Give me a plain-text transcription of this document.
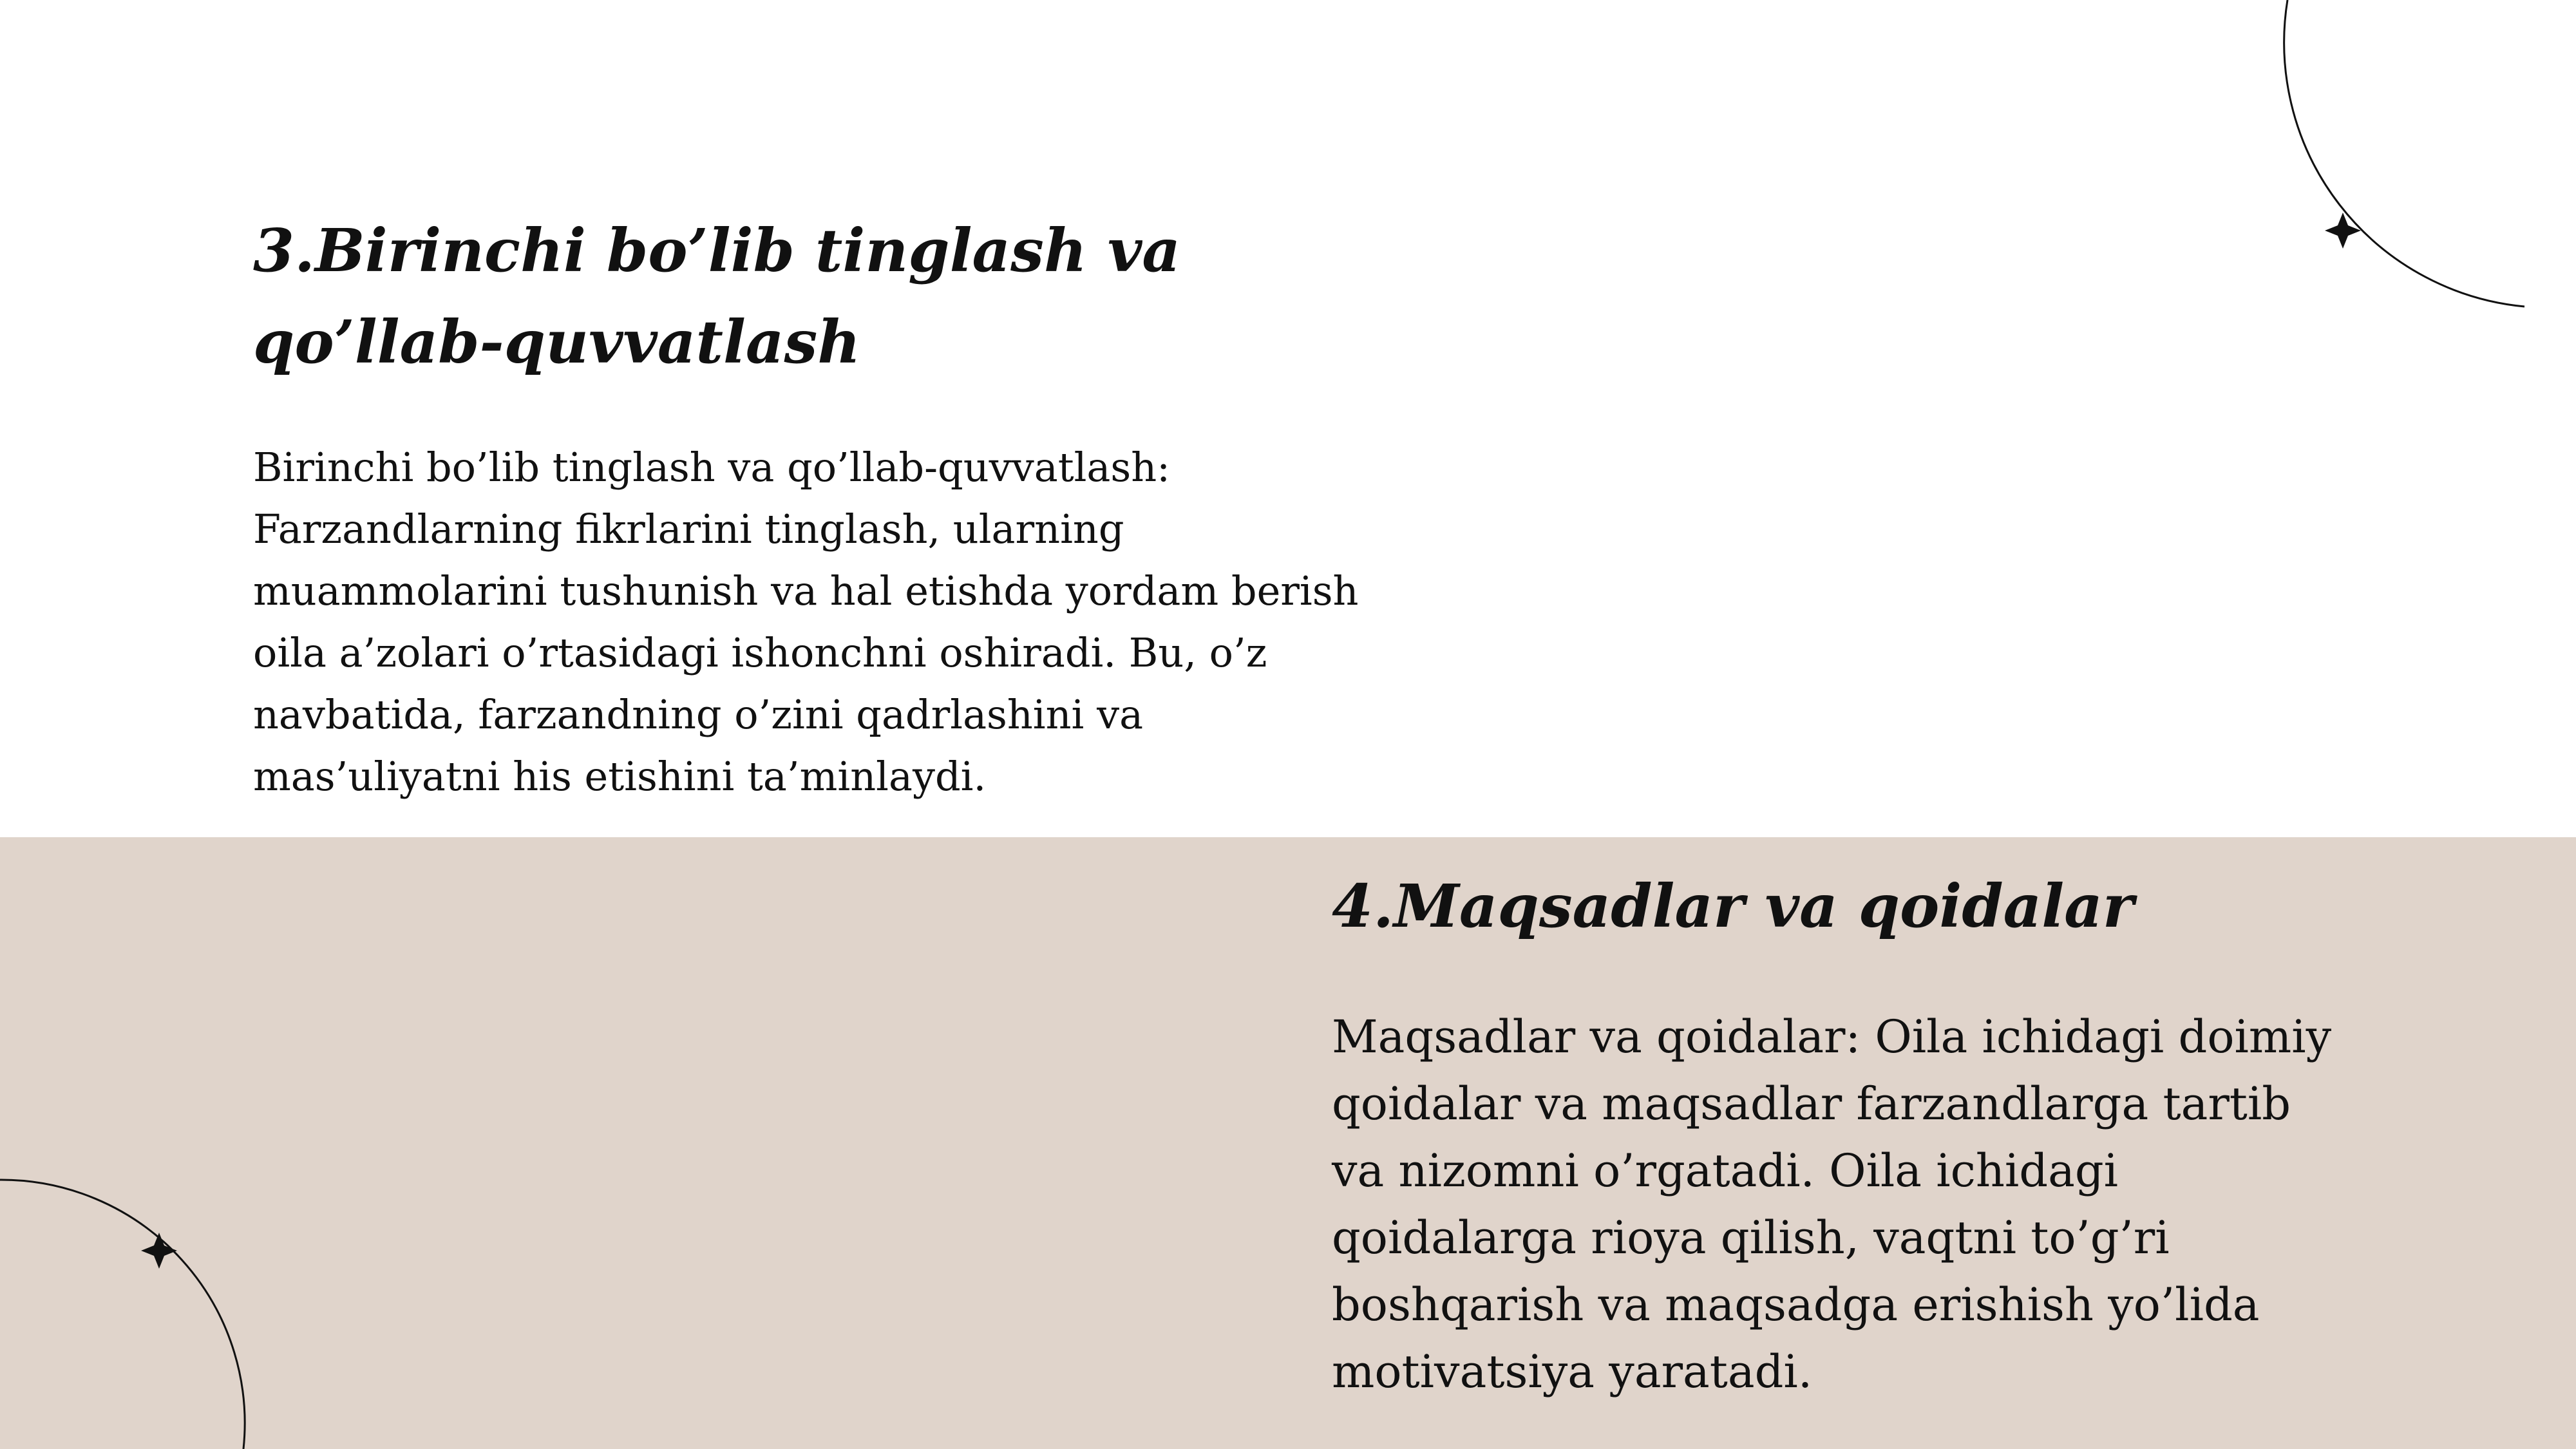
3.Birinchi bo’lib tinglash va qo’llab-quvvatlash

Birinchi bo’lib tinglash va qo’llab-quvvatlash: Farzandlarning fikrlarini tinglash, ularning muammolarini tushunish va hal etishda yordam berish oila a’zolari o’rtasidagi ishonchni oshiradi. Bu, o’z navbatida, farzandning o’zini qadrlashini va mas’uliyatni his etishini ta’minlaydi.

4.Maqsadlar va qoidalar

Maqsadlar va qoidalar: Oila ichidagi doimiy qoidalar va maqsadlar farzandlarga tartib va nizomni o’rgatadi. Oila ichidagi qoidalarga rioya qilish, vaqtni to’g’ri boshqarish va maqsadga erishish yo’lida motivatsiya yaratadi.
